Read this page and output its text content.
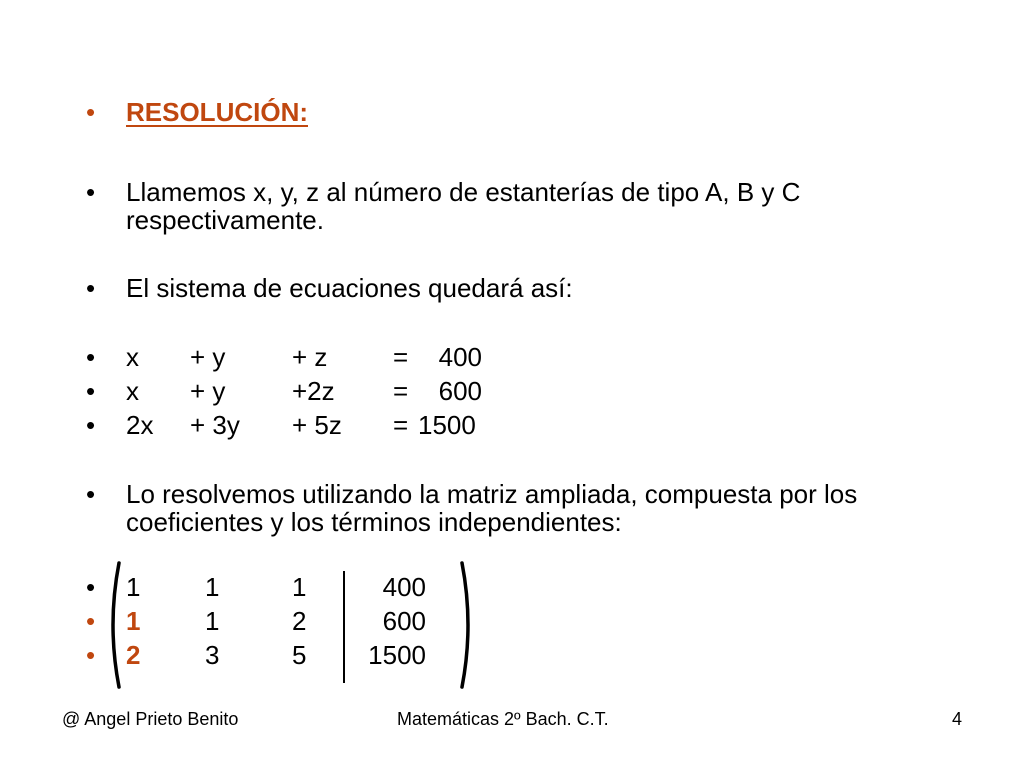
• RESOLUCIÓN:
• Llamemos x, y, z al número de estanterías de tipo A, B y C
respectivamente.
• El sistema de ecuaciones quedará así:
• x + y	+ z	=	400
• x + y	+2z =	600
• 2x + 3y + 5z = 1500
• Lo resolvemos utilizando la matriz ampliada, compuesta por los
coeficientes y los términos independientes:
• 1 1	1	400
• 1 1	2	600
• 2 3	5	1500
@ Angel Prieto Benito	Matemáticas 2º Bach. C.T.	4
